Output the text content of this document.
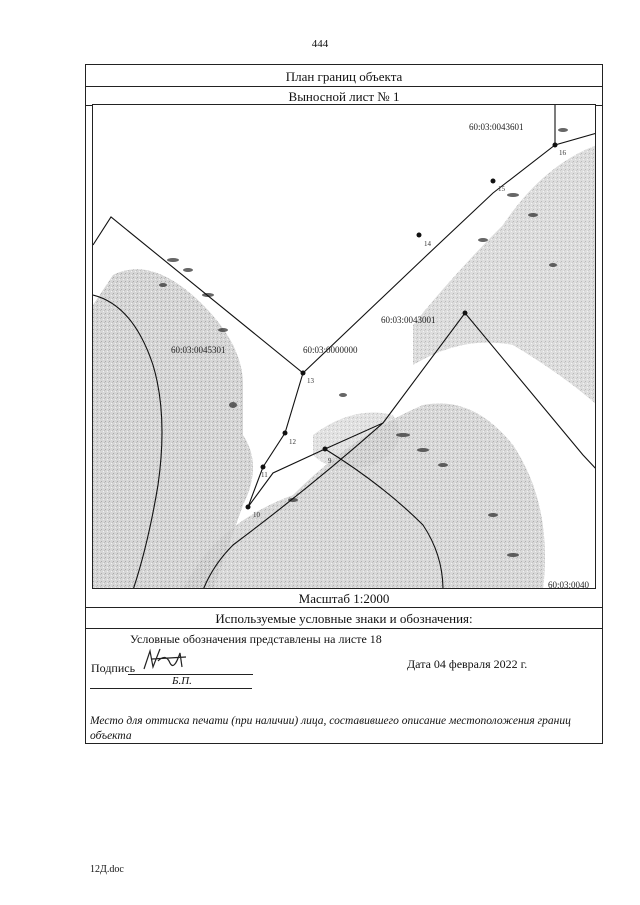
444
План границ объекта
Выносной лист № 1
Масштаб 1:2000
Используемые условные знаки и обозначения:
60:03:0043601
60:03:0043001
60:03:0045301	60:03:0000000
60:03:0040
9
10
11
12
13
14
15
16
Условные обозначения представлены на листе 18
Подпись
Б.П.
Дата 04 февраля 2022 г.
Место для оттиска печати (при наличии) лица, составившего описание местоположения границ объекта
12Д.doc
